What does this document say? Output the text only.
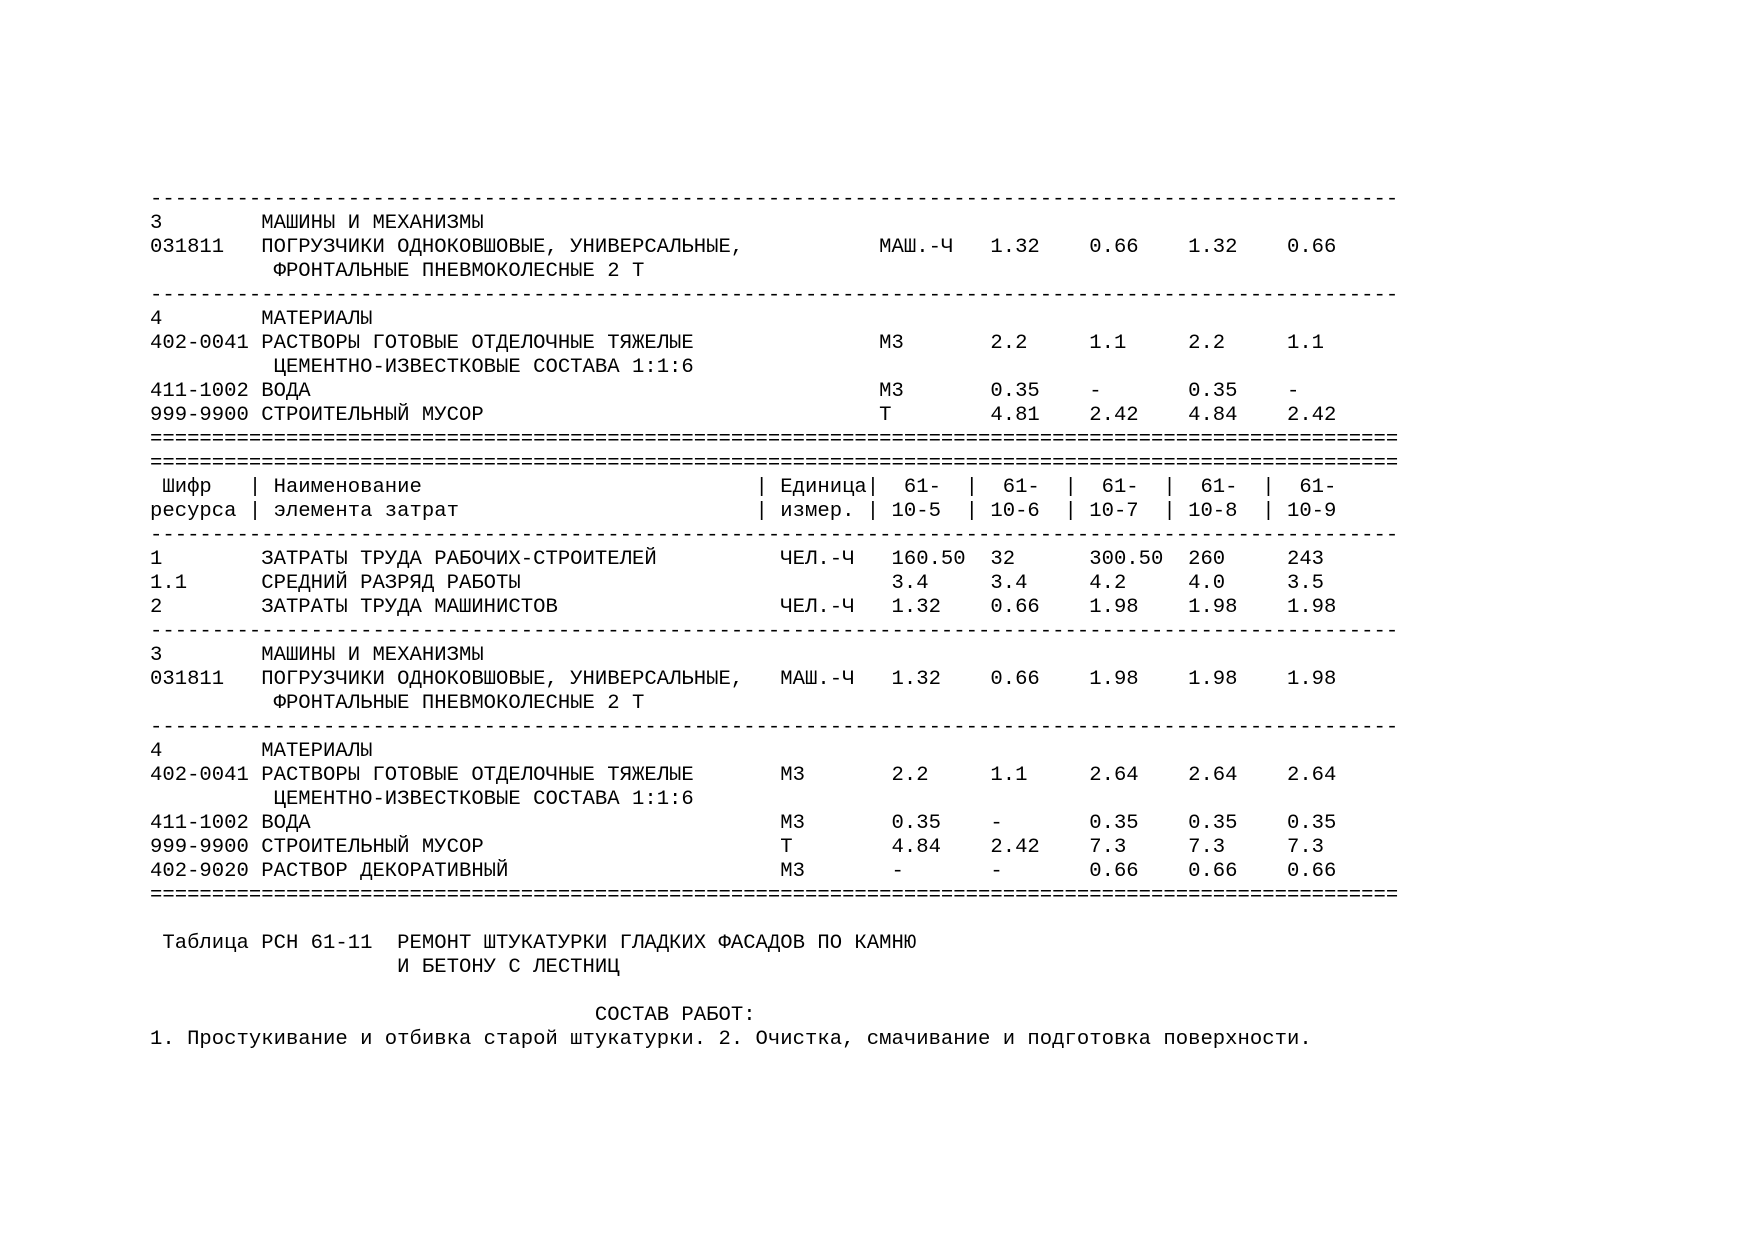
-----------------------------------------------------------------------------------------------------
3        МАШИНЫ И МЕХАНИЗМЫ
031811   ПОГРУЗЧИКИ ОДНОКОВШОВЫЕ, УНИВЕРСАЛЬНЫЕ,           МАШ.-Ч   1.32    0.66    1.32    0.66
ФРОНТАЛЬНЫЕ ПНЕВМОКОЛЕСНЫЕ 2 Т
-----------------------------------------------------------------------------------------------------
4        МАТЕРИАЛЫ
402-0041 РАСТВОРЫ ГОТОВЫЕ ОТДЕЛОЧНЫЕ ТЯЖЕЛЫЕ               М3       2.2     1.1     2.2     1.1
ЦЕМЕНТНО-ИЗВЕСТКОВЫЕ СОСТАВА 1:1:6
411-1002 ВОДА                                              М3       0.35    -       0.35    -
999-9900 СТРОИТЕЛЬНЫЙ МУСОР                                Т        4.81    2.42    4.84    2.42
=====================================================================================================
=====================================================================================================
Шифр   | Наименование                           | Единица|  61-  |  61-  |  61-  |  61-  |  61-
ресурса | элемента затрат                        | измер. | 10-5  | 10-6  | 10-7  | 10-8  | 10-9
-----------------------------------------------------------------------------------------------------
1        ЗАТРАТЫ ТРУДА РАБОЧИХ-СТРОИТЕЛЕЙ          ЧЕЛ.-Ч   160.50  32      300.50  260     243
1.1      СРЕДНИЙ РАЗРЯД РАБОТЫ                              3.4     3.4     4.2     4.0     3.5
2        ЗАТРАТЫ ТРУДА МАШИНИСТОВ                  ЧЕЛ.-Ч   1.32    0.66    1.98    1.98    1.98
-----------------------------------------------------------------------------------------------------
3        МАШИНЫ И МЕХАНИЗМЫ
031811   ПОГРУЗЧИКИ ОДНОКОВШОВЫЕ, УНИВЕРСАЛЬНЫЕ,   МАШ.-Ч   1.32    0.66    1.98    1.98    1.98
ФРОНТАЛЬНЫЕ ПНЕВМОКОЛЕСНЫЕ 2 Т
-----------------------------------------------------------------------------------------------------
4        МАТЕРИАЛЫ
402-0041 РАСТВОРЫ ГОТОВЫЕ ОТДЕЛОЧНЫЕ ТЯЖЕЛЫЕ       М3       2.2     1.1     2.64    2.64    2.64
ЦЕМЕНТНО-ИЗВЕСТКОВЫЕ СОСТАВА 1:1:6
411-1002 ВОДА                                      М3       0.35    -       0.35    0.35    0.35
999-9900 СТРОИТЕЛЬНЫЙ МУСОР                        Т        4.84    2.42    7.3     7.3     7.3
402-9020 РАСТВОР ДЕКОРАТИВНЫЙ                      М3       -       -       0.66    0.66    0.66
=====================================================================================================
Таблица РСН 61-11  РЕМОНТ ШТУКАТУРКИ ГЛАДКИХ ФАСАДОВ ПО КАМНЮ
И БЕТОНУ С ЛЕСТНИЦ
СОСТАВ РАБОТ:
1. Простукивание и отбивка старой штукатурки. 2. Очистка, смачивание и подготовка поверхности.
